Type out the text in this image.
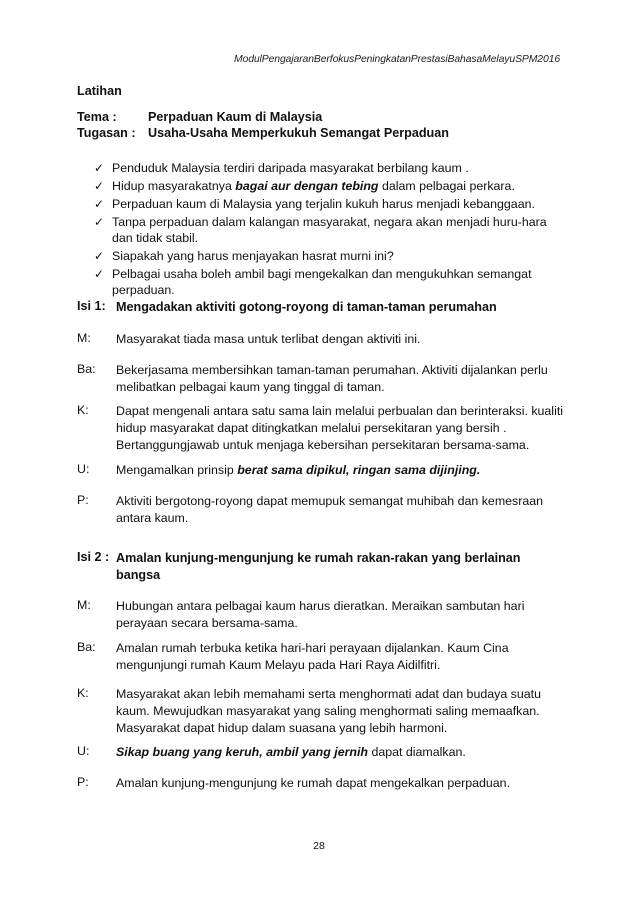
ModulPengajaranBerfokusPeningkatanPrestasiBahasaMelayuSPM2016
Latihan
Tema : Perpaduan Kaum di Malaysia
Tugasan : Usaha-Usaha Memperkukuh Semangat Perpaduan
✓ Penduduk Malaysia terdiri daripada masyarakat berbilang kaum .
✓ Hidup masyarakatnya bagai aur dengan tebing dalam pelbagai perkara.
✓ Perpaduan kaum di Malaysia yang terjalin kukuh harus menjadi kebanggaan.
✓ Tanpa perpaduan dalam kalangan masyarakat, negara akan menjadi huru-hara dan tidak stabil.
✓ Siapakah yang harus menjayakan hasrat murni ini?
✓ Pelbagai usaha boleh ambil bagi mengekalkan dan mengukuhkan semangat perpaduan.
Isi 1: Mengadakan aktiviti gotong-royong di taman-taman perumahan
M: Masyarakat tiada masa untuk terlibat dengan aktiviti ini.
Ba: Bekerjasama membersihkan taman-taman perumahan. Aktiviti dijalankan perlu melibatkan pelbagai kaum yang tinggal di taman.
K: Dapat mengenali antara satu sama lain melalui perbualan dan berinteraksi. kualiti hidup masyarakat dapat ditingkatkan melalui persekitaran yang bersih . Bertanggungjawab untuk menjaga kebersihan persekitaran bersama-sama.
U: Mengamalkan prinsip berat sama dipikul, ringan sama dijinjing.
P: Aktiviti bergotong-royong dapat memupuk semangat muhibah dan kemesraan antara kaum.
Isi 2 : Amalan kunjung-mengunjung ke rumah rakan-rakan yang berlainan bangsa
M: Hubungan antara pelbagai kaum harus dieratkan. Meraikan sambutan hari perayaan secara bersama-sama.
Ba: Amalan rumah terbuka ketika hari-hari perayaan dijalankan. Kaum Cina mengunjungi rumah Kaum Melayu pada Hari Raya Aidilfitri.
K: Masyarakat akan lebih memahami serta menghormati adat dan budaya suatu kaum. Mewujudkan masyarakat yang saling menghormati saling memaafkan. Masyarakat dapat hidup dalam suasana yang lebih harmoni.
U: Sikap buang yang keruh, ambil yang jernih dapat diamalkan.
P: Amalan kunjung-mengunjung ke rumah dapat mengekalkan perpaduan.
28
